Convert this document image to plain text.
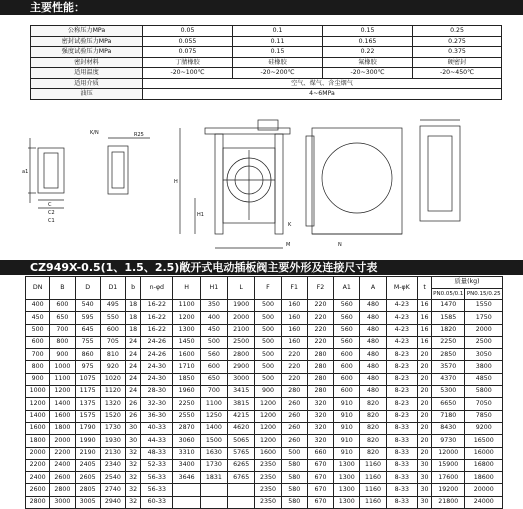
主要性能：
公称压力MPa	0.05	0.1	0.15	0.25
密封试验压力MPa	0.055	0.11	0.165	0.275
强度试验压力MPa	0.075	0.15	0.22	0.375
密封材料	丁腈橡胶	硅橡胶	氟橡胶	硬密封
适用温度	-20~100℃	-20~200℃	-20~300℃	-20~450℃
适用介质	空气、煤气、含尘烟气			
油压	4~6MPa			
K/N	R25
C
C2
C1
a1
H
H1
M
K
N
CZ949X-0.5(1、1.5、2.5)敞开式电动插板阀主要外形及连接尺寸表
DN	B	D	D1	b	n-φd	H	H1	L	F	F1	F2	A1	A	M-φK	t	质量(kg)	
																PN0.05/0.1	PN0.15/0.25
400	600	540	495	18	16-22	1100	350	1900	500	160	220	560	480	4-23	16	1470	1550
450	650	595	550	18	16-22	1200	400	2000	500	160	220	560	480	4-23	16	1585	1750
500	700	645	600	18	16-22	1300	450	2100	500	160	220	560	480	4-23	16	1820	2000
600	800	755	705	24	24-26	1450	500	2500	500	160	220	560	480	4-23	16	2250	2500
700	900	860	810	24	24-26	1600	560	2800	500	220	280	600	480	8-23	20	2850	3050
800	1000	975	920	24	24-30	1710	600	2900	500	220	280	600	480	8-23	20	3570	3800
900	1100	1075	1020	24	24-30	1850	650	3000	500	220	280	600	480	8-23	20	4370	4850
1000	1200	1175	1120	24	28-30	1960	700	3415	900	280	280	600	480	8-23	20	5300	5800
1200	1400	1375	1320	26	32-30	2250	1100	3815	1200	260	320	910	820	8-23	20	6650	7050
1400	1600	1575	1520	26	36-30	2550	1250	4215	1200	260	320	910	820	8-23	20	7180	7850
1600	1800	1790	1730	30	40-33	2870	1400	4620	1200	260	320	910	820	8-33	20	8430	9200
1800	2000	1990	1930	30	44-33	3060	1500	5065	1200	260	320	910	820	8-33	20	9730	16500
2000	2200	2190	2130	32	48-33	3310	1630	5765	1600	500	660	910	820	8-33	20	12000	16000
2200	2400	2405	2340	32	52-33	3400	1730	6265	2350	580	670	1300	1160	8-33	30	15900	16800
2400	2600	2605	2540	32	56-33	3646	1831	6765	2350	580	670	1300	1160	8-33	30	17600	18600
2600	2800	2805	2740	32	56-33				2350	580	670	1300	1160	8-33	30	19200	20000
2800	3000	3005	2940	32	60-33				2350	580	670	1300	1160	8-33	30	21800	24000
